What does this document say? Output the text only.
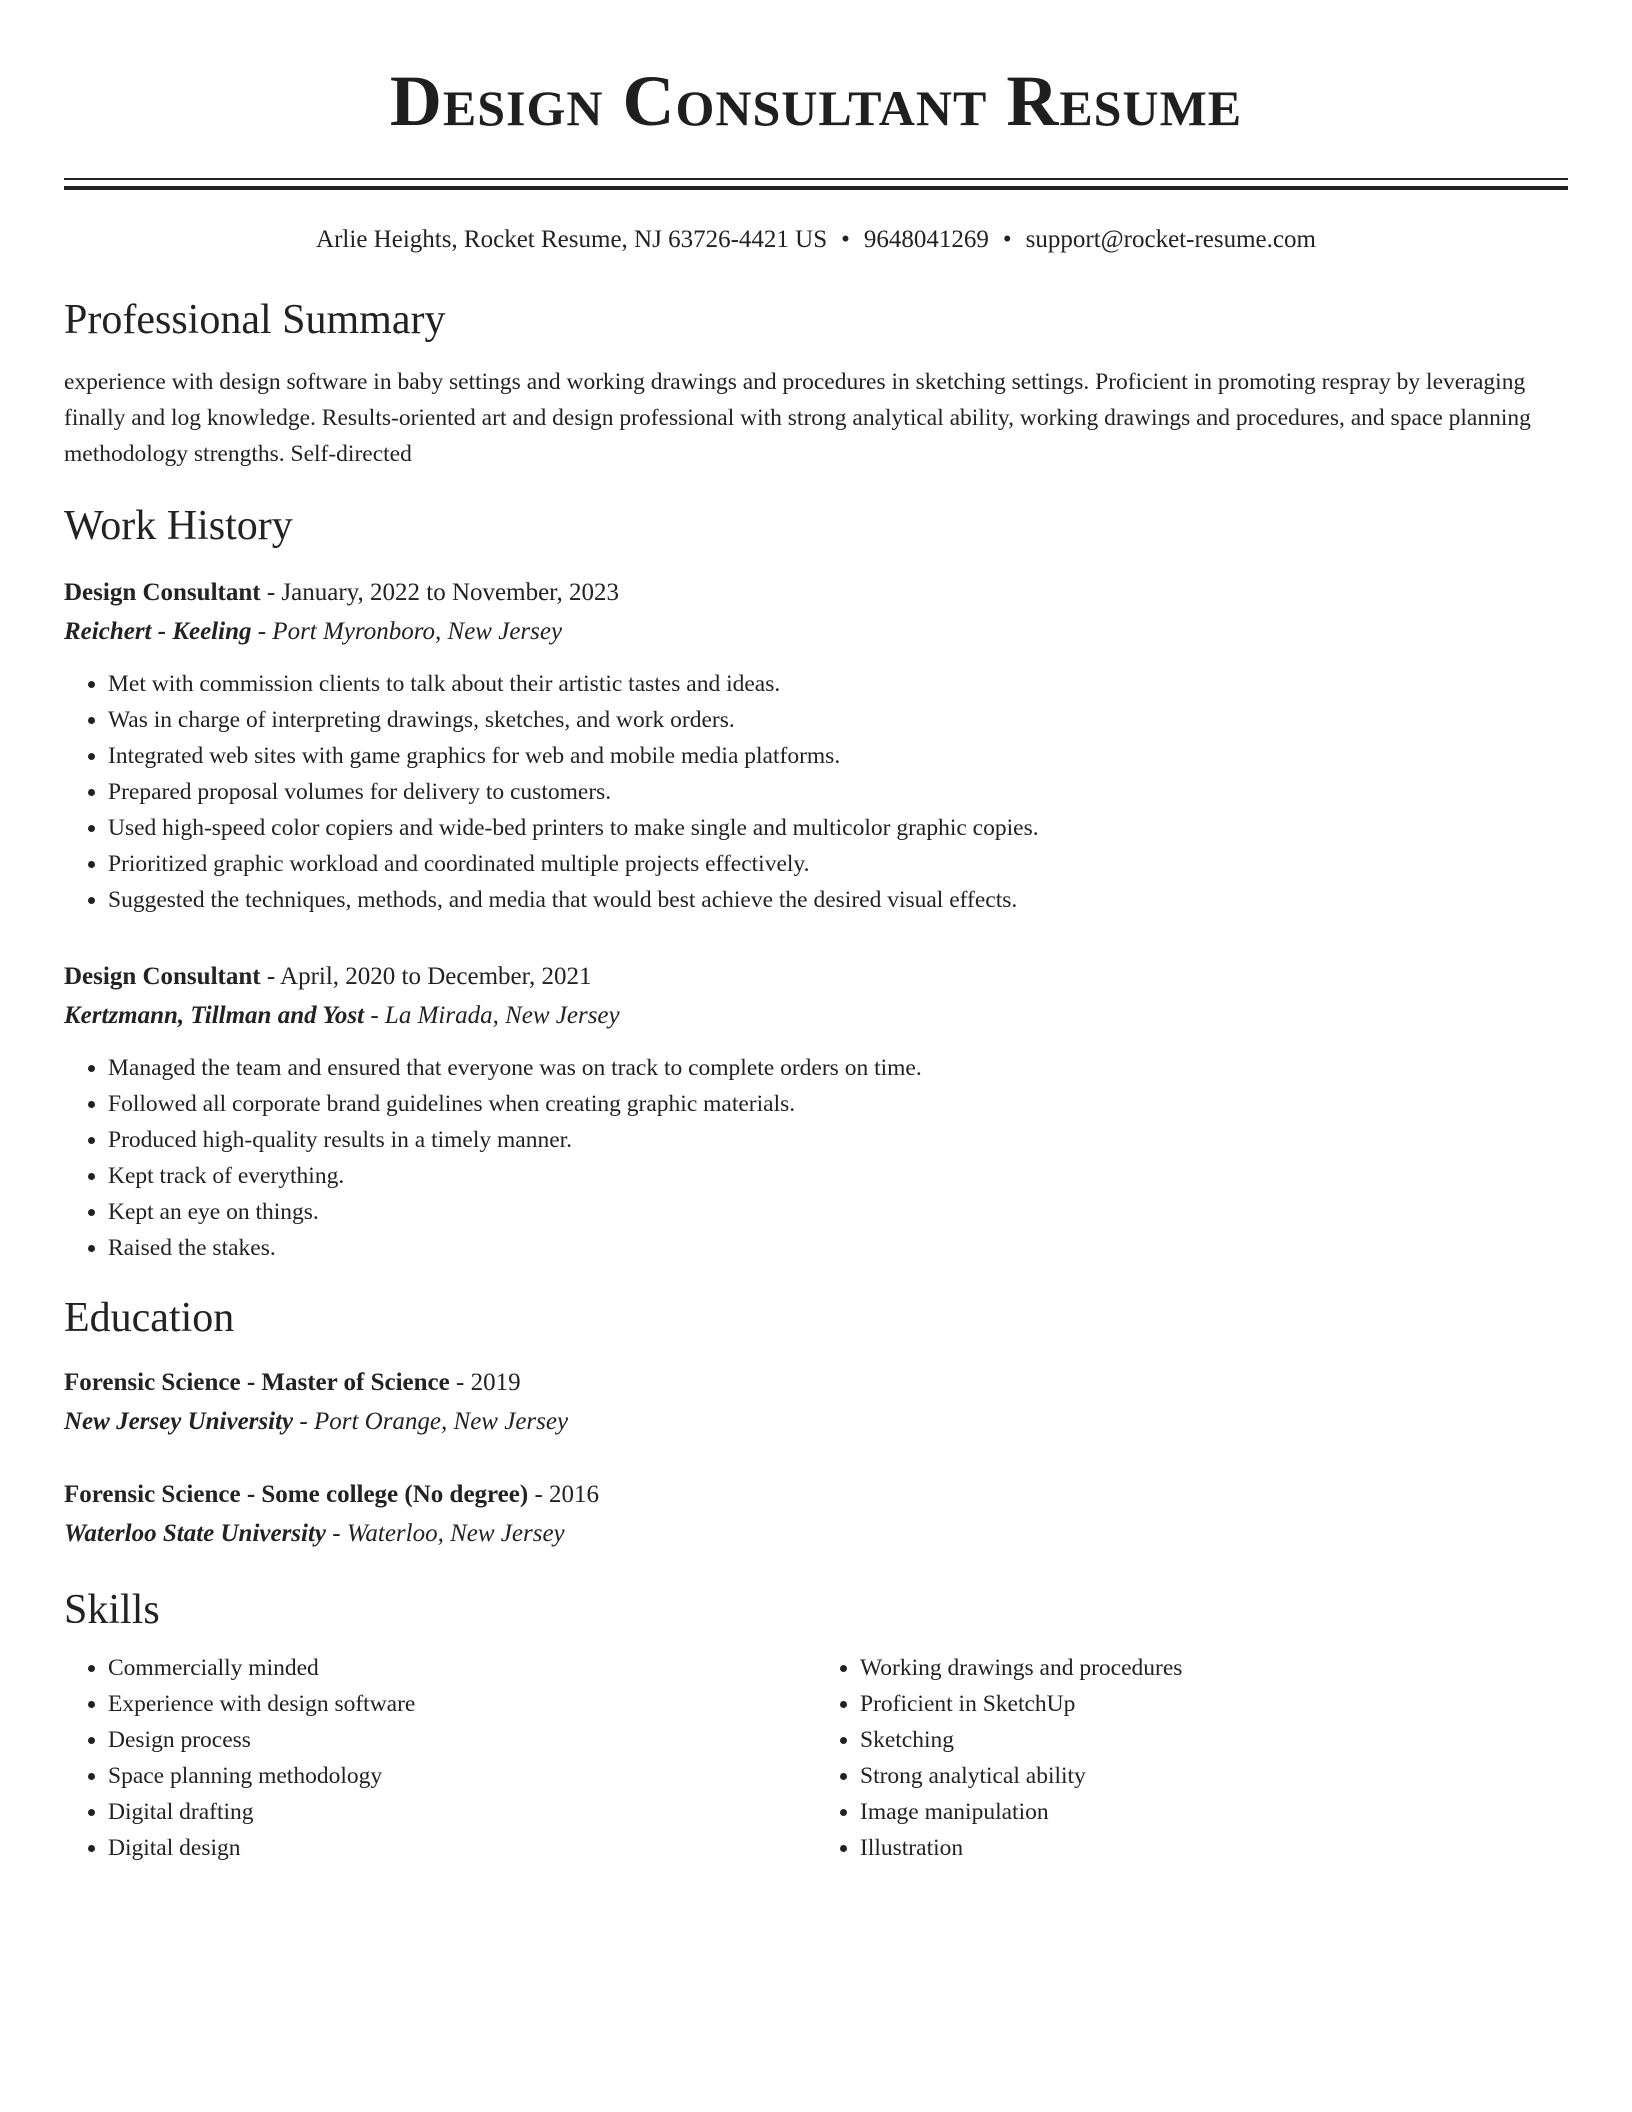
Design Consultant Resume
Arlie Heights, Rocket Resume, NJ 63726-4421 US • 9648041269 • support@rocket-resume.com
Professional Summary
experience with design software in baby settings and working drawings and procedures in sketching settings. Proficient in promoting respray by leveraging finally and log knowledge. Results-oriented art and design professional with strong analytical ability, working drawings and procedures, and space planning methodology strengths. Self-directed
Work History
Design Consultant - January, 2022 to November, 2023
Reichert - Keeling - Port Myronboro, New Jersey
• Met with commission clients to talk about their artistic tastes and ideas.
• Was in charge of interpreting drawings, sketches, and work orders.
• Integrated web sites with game graphics for web and mobile media platforms.
• Prepared proposal volumes for delivery to customers.
• Used high-speed color copiers and wide-bed printers to make single and multicolor graphic copies.
• Prioritized graphic workload and coordinated multiple projects effectively.
• Suggested the techniques, methods, and media that would best achieve the desired visual effects.
Design Consultant - April, 2020 to December, 2021
Kertzmann, Tillman and Yost - La Mirada, New Jersey
• Managed the team and ensured that everyone was on track to complete orders on time.
• Followed all corporate brand guidelines when creating graphic materials.
• Produced high-quality results in a timely manner.
• Kept track of everything.
• Kept an eye on things.
• Raised the stakes.
Education
Forensic Science - Master of Science - 2019
New Jersey University - Port Orange, New Jersey
Forensic Science - Some college (No degree) - 2016
Waterloo State University - Waterloo, New Jersey
Skills
• Commercially minded
• Experience with design software
• Design process
• Space planning methodology
• Digital drafting
• Digital design
• Working drawings and procedures
• Proficient in SketchUp
• Sketching
• Strong analytical ability
• Image manipulation
• Illustration
